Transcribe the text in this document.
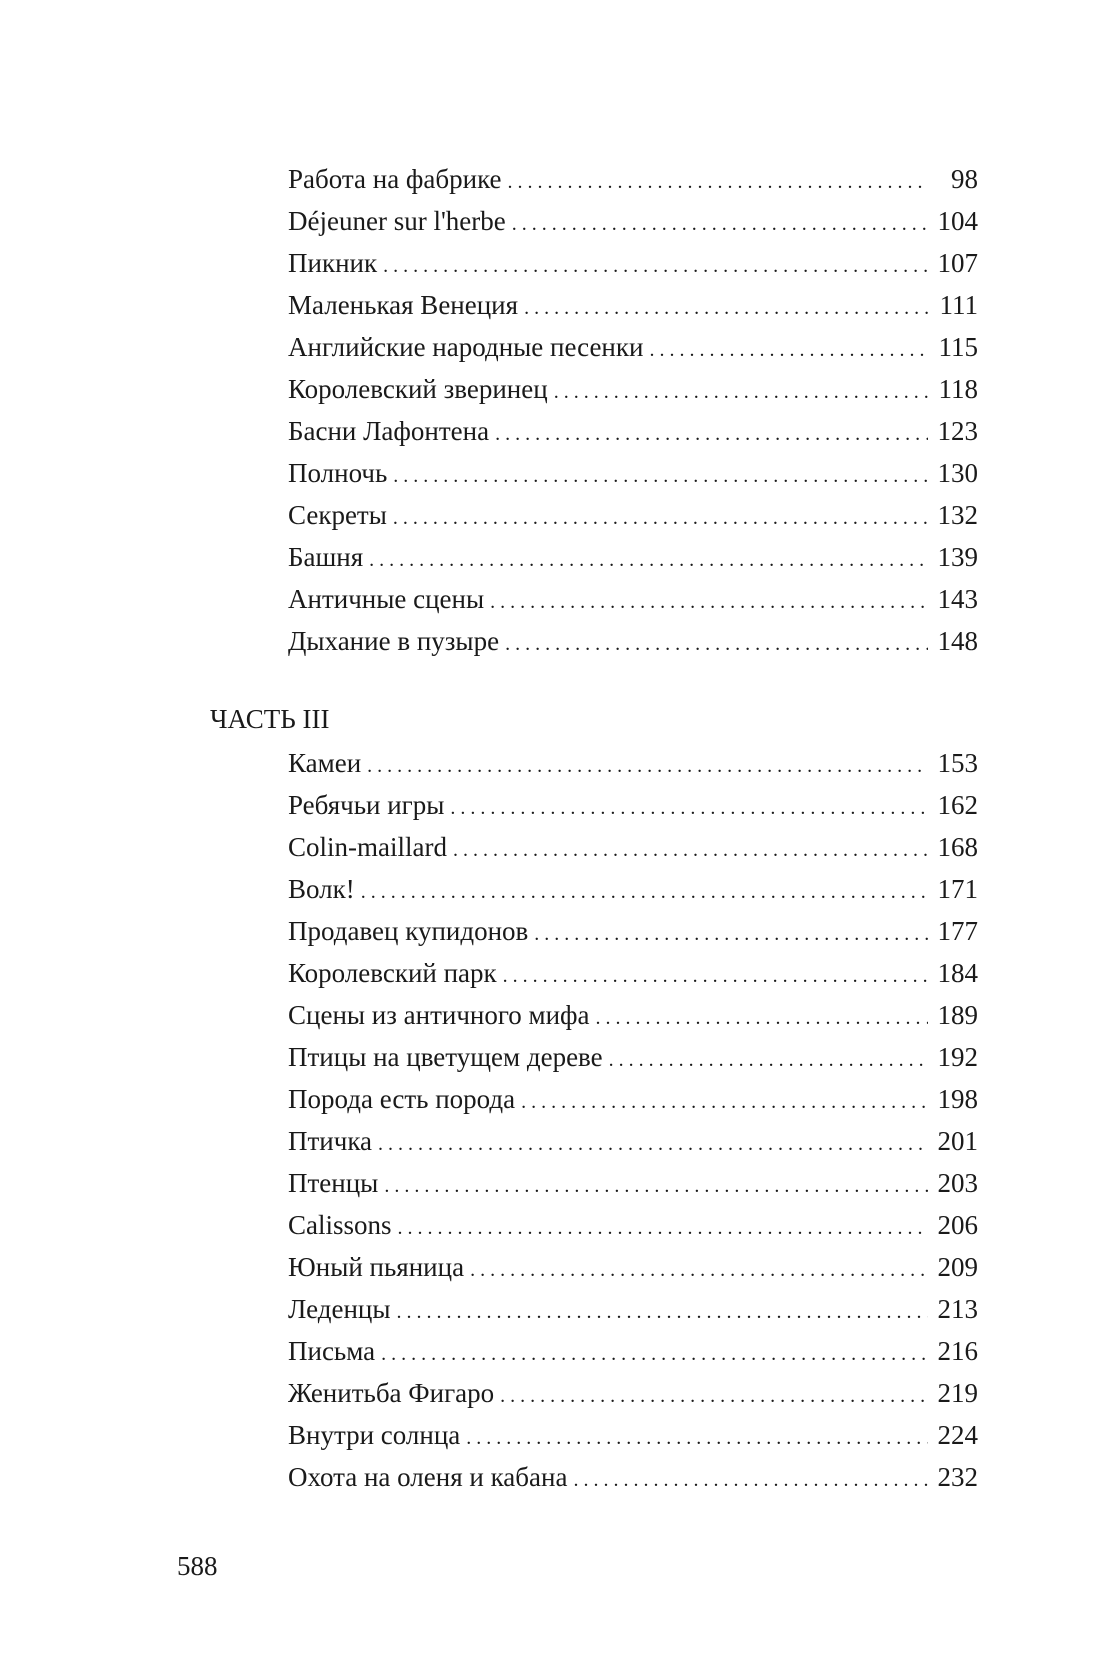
Работа на фабрике . . .	98
Déjeuner sur l'herbe . . .	104
Пикник . . .	107
Маленькая Венеция . . .	111
Английские народные песенки . . .	115
Королевский зверинец . . .	118
Басни Лафонтена . . .	123
Полночь . . .	130
Секреты . . .	132
Башня . . .	139
Античные сцены . . .	143
Дыхание в пузыре . . .	148
ЧАСТЬ III
Камеи . . .	153
Ребячьи игры . . .	162
Colin-maillard . . .	168
Волк! . . .	171
Продавец купидонов . . .	177
Королевский парк . . .	184
Сцены из античного мифа . . .	189
Птицы на цветущем дереве . . .	192
Порода есть порода . . .	198
Птичка . . .	201
Птенцы . . .	203
Calissons . . .	206
Юный пьяница . . .	209
Леденцы . . .	213
Письма . . .	216
Женитьба Фигаро . . .	219
Внутри солнца . . .	224
Охота на оленя и кабана . . .	232
588
